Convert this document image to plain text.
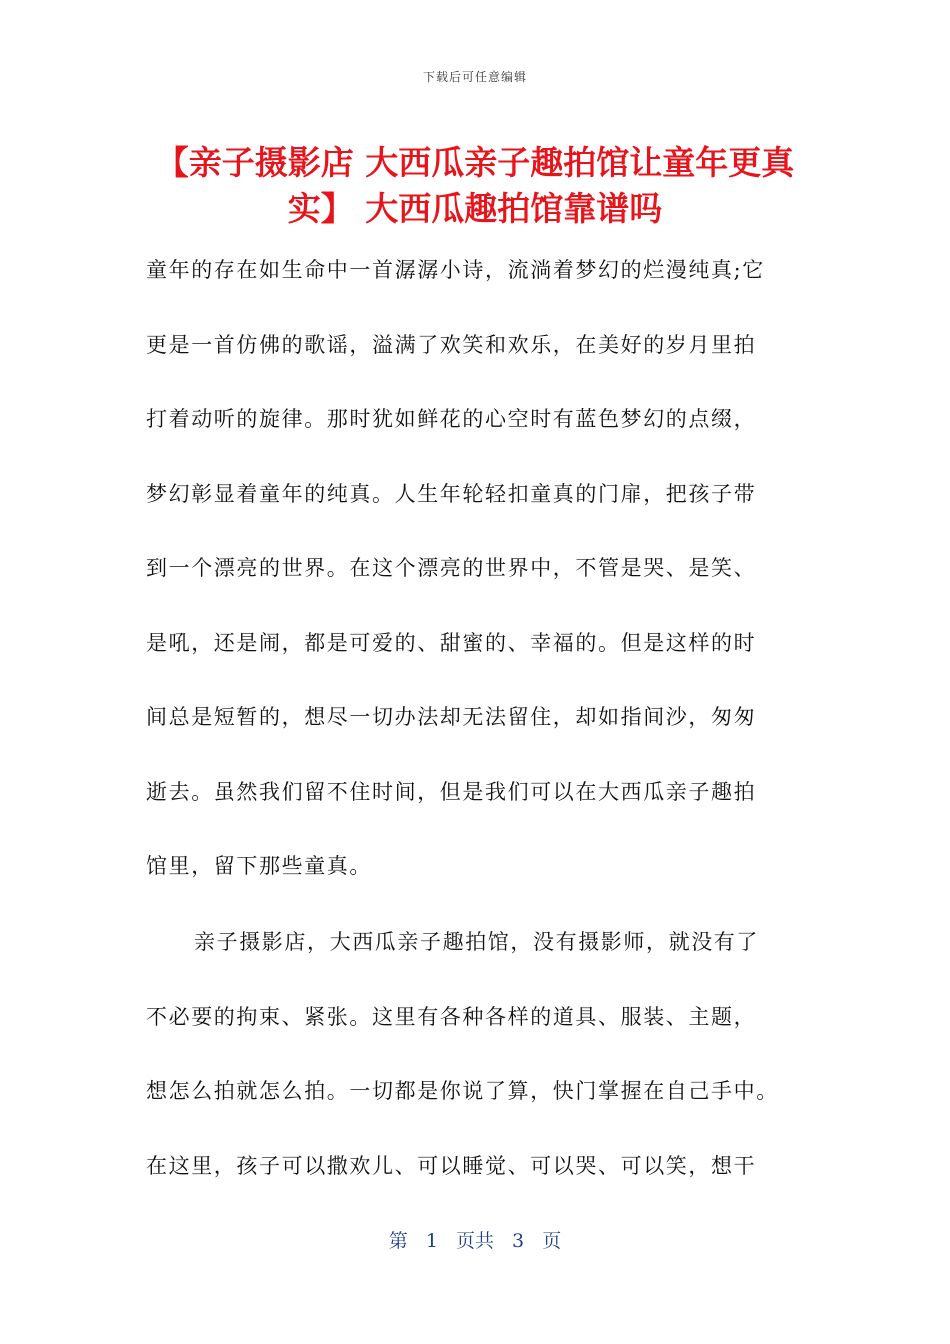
下载后可任意编辑
【亲子摄影店 大西瓜亲子趣拍馆让童年更真
实】 大西瓜趣拍馆靠谱吗
童年的存在如生命中一首潺潺小诗，流淌着梦幻的烂漫纯真;它
更是一首仿佛的歌谣，溢满了欢笑和欢乐，在美好的岁月里拍
打着动听的旋律。那时犹如鲜花的心空时有蓝色梦幻的点缀，
梦幻彰显着童年的纯真。人生年轮轻扣童真的门扉，把孩子带
到一个漂亮的世界。在这个漂亮的世界中，不管是哭、是笑、
是吼，还是闹，都是可爱的、甜蜜的、幸福的。但是这样的时
间总是短暂的，想尽一切办法却无法留住，却如指间沙，匆匆
逝去。虽然我们留不住时间，但是我们可以在大西瓜亲子趣拍
馆里，留下那些童真。
亲子摄影店，大西瓜亲子趣拍馆，没有摄影师，就没有了
不必要的拘束、紧张。这里有各种各样的道具、服装、主题，
想怎么拍就怎么拍。一切都是你说了算，快门掌握在自己手中。
在这里，孩子可以撒欢儿、可以睡觉、可以哭、可以笑，想干
第 1 页共 3 页
